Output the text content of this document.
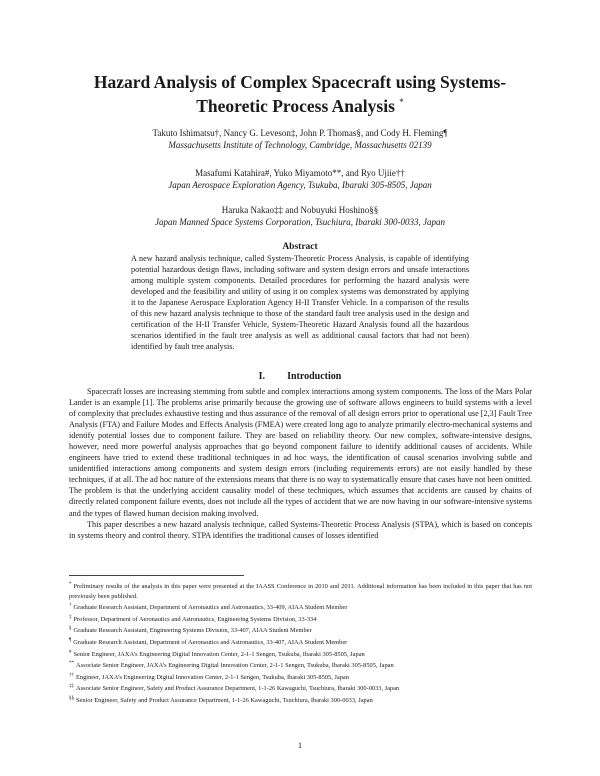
Hazard Analysis of Complex Spacecraft using Systems-Theoretic Process Analysis *
Takuto Ishimatsu†, Nancy G. Leveson‡, John P. Thomas§, and Cody H. Fleming¶
Massachusetts Institute of Technology, Cambridge, Massachusetts 02139
Masafumi Katahira#, Yuko Miyamoto**, and Ryo Ujiie††
Japan Aerospace Exploration Agency, Tsukuba, Ibaraki 305-8505, Japan
Haruka Nakao‡‡ and Nobuyuki Hoshino§§
Japan Manned Space Systems Corporation, Tsuchiura, Ibaraki 300-0033, Japan
Abstract
A new hazard analysis technique, called System-Theoretic Process Analysis, is capable of identifying potential hazardous design flaws, including software and system design errors and unsafe interactions among multiple system components. Detailed procedures for performing the hazard analysis were developed and the feasibility and utility of using it on complex systems was demonstrated by applying it to the Japanese Aerospace Exploration Agency H-II Transfer Vehicle. In a comparison of the results of this new hazard analysis technique to those of the standard fault tree analysis used in the design and certification of the H-II Transfer Vehicle, System-Theoretic Hazard Analysis found all the hazardous scenarios identified in the fault tree analysis as well as additional causal factors that had not been) identified by fault tree analysis.
I. Introduction

Spacecraft losses are increasing stemming from subtle and complex interactions among system components. The loss of the Mars Polar Lander is an example [1]. The problems arise primarily because the growing use of software allows engineers to build systems with a level of complexity that precludes exhaustive testing and thus assurance of the removal of all design errors prior to operational use [2,3] Fault Tree Analysis (FTA) and Failure Modes and Effects Analysis (FMEA) were created long ago to analyze primarily electro-mechanical systems and identify potential losses due to component failure. They are based on reliability theory. Our new complex, software-intensive designs, however, need more powerful analysis approaches that go beyond component failure to identify additional causes of accidents. While engineers have tried to extend these traditional techniques in ad hoc ways, the identification of causal scenarios involving subtle and unidentified interactions among components and system design errors (including requirements errors) are not easily handled by these techniques, if at all. The ad hoc nature of the extensions means that there is no way to systematically ensure that cases have not been omitted. The problem is that the underlying accident causality model of these techniques, which assumes that accidents are caused by chains of directly related component failure events, does not include all the types of accident that we are now having in our software-intensive systems and the types of flawed human decision making involved.

This paper describes a new hazard analysis technique, called Systems-Theoretic Process Analysis (STPA), which is based on concepts in systems theory and control theory. STPA identifies the traditional causes of losses identified

* Preliminary results of the analysis in this paper were presented at the IAASS Conference in 2010 and 2011. Additional information has been included in this paper that has not previously been published.

† Graduate Research Assistant, Department of Aeronautics and Astronautics, 33-409, AIAA Student Member

‡ Professor, Department of Aeronautics and Astronautics, Engineering Systems Division, 33-334

§ Graduate Research Assistant, Engineering Systems Division, 33-407, AIAA Student Member

¶ Graduate Research Assistant, Department of Aeronautics and Astronautics, 33-407, AIAA Student Member

# Senior Engineer, JAXA’s Engineering Digital Innovation Center, 2-1-1 Sengen, Tsukuba, Ibaraki 305-8505, Japan

** Associate Senior Engineer, JAXA’s Engineering Digital Innovation Center, 2-1-1 Sengen, Tsukuba, Ibaraki 305-8505, Japan

†† Engineer, JAXA’s Engineering Digital Innovation Center, 2-1-1 Sengen, Tsukuba, Ibaraki 305-8505, Japan

‡‡ Associate Senior Engineer, Safety and Product Assurance Department, 1-1-26 Kawaguchi, Tsuchiura, Ibaraki 300-0033, Japan

§§ Senior Engineer, Safety and Product Assurance Department, 1-1-26 Kawaguchi, Tsuchiura, Ibaraki 300-0033, Japan

1
